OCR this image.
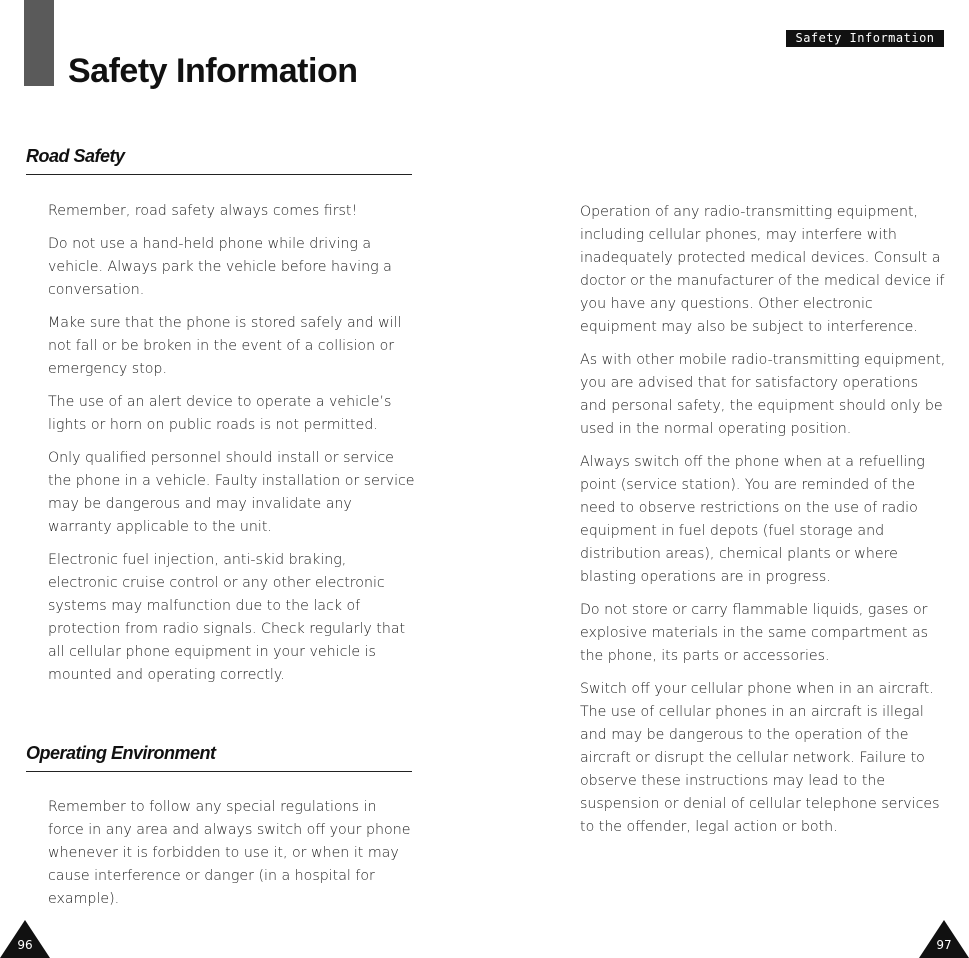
Safety Information
Safety Information
Road Safety

Remember, road safety always comes first!

Do not use a hand-held phone while driving a vehicle. Always park the vehicle before having a conversation.

Make sure that the phone is stored safely and will not fall or be broken in the event of a collision or emergency stop.

The use of an alert device to operate a vehicle’s lights or horn on public roads is not permitted.

Only qualified personnel should install or service the phone in a vehicle. Faulty installation or service may be dangerous and may invalidate any warranty applicable to the unit.

Electronic fuel injection, anti-skid braking, electronic cruise control or any other electronic systems may malfunction due to the lack of protection from radio signals. Check regularly that all cellular phone equipment in your vehicle is mounted and operating correctly.

Operating Environment

Remember to follow any special regulations in force in any area and always switch off your phone whenever it is forbidden to use it, or when it may cause interference or danger (in a hospital for example).

Operation of any radio-transmitting equipment, including cellular phones, may interfere with inadequately protected medical devices. Consult a doctor or the manufacturer of the medical device if you have any questions. Other electronic equipment may also be subject to interference.

As with other mobile radio-transmitting equipment, you are advised that for satisfactory operations and personal safety, the equipment should only be used in the normal operating position.

Always switch off the phone when at a refuelling point (service station). You are reminded of the need to observe restrictions on the use of radio equipment in fuel depots (fuel storage and distribution areas), chemical plants or where blasting operations are in progress.

Do not store or carry flammable liquids, gases or explosive materials in the same compartment as the phone, its parts or accessories.

Switch off your cellular phone when in an aircraft. The use of cellular phones in an aircraft is illegal and may be dangerous to the operation of the aircraft or disrupt the cellular network. Failure to observe these instructions may lead to the suspension or denial of cellular telephone services to the offender, legal action or both.

96	97
